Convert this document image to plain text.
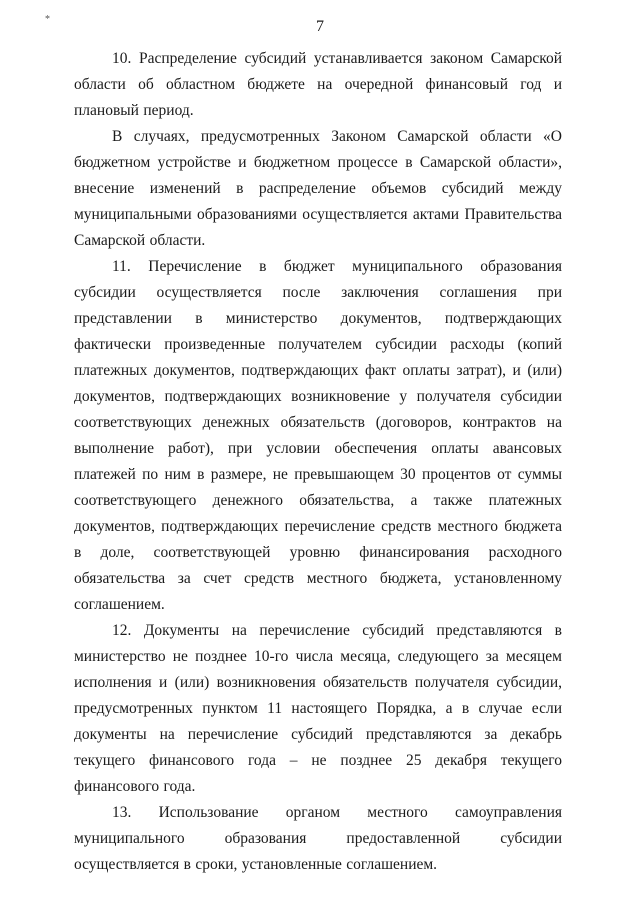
*	7

10. Распределение субсидий устанавливается законом Самарской области об областном бюджете на очередной финансовый год и плановый период.

В случаях, предусмотренных Законом Самарской области «О бюджетном устройстве и бюджетном процессе в Самарской области», внесение изменений в распределение объемов субсидий между муниципальными образованиями осуществляется актами Правительства Самарской области.

11. Перечисление в бюджет муниципального образования субсидии осуществляется после заключения соглашения при представлении в министерство документов, подтверждающих фактически произведенные получателем субсидии расходы (копий платежных документов, подтверждающих факт оплаты затрат), и (или) документов, подтверждающих возникновение у получателя субсидии соответствующих денежных обязательств (договоров, контрактов на выполнение работ), при условии обеспечения оплаты авансовых платежей по ним в размере, не превышающем 30 процентов от суммы соответствующего денежного обязательства, а также платежных документов, подтверждающих перечисление средств местного бюджета в доле, соответствующей уровню финансирования расходного обязательства за счет средств местного бюджета, установленному соглашением.

12. Документы на перечисление субсидий представляются в министерство не позднее 10-го числа месяца, следующего за месяцем исполнения и (или) возникновения обязательств получателя субсидии, предусмотренных пунктом 11 настоящего Порядка, а в случае если документы на перечисление субсидий представляются за декабрь текущего финансового года – не позднее 25 декабря текущего финансового года.

13. Использование органом местного самоуправления муниципального образования предоставленной субсидии осуществляется в сроки, установленные соглашением.
